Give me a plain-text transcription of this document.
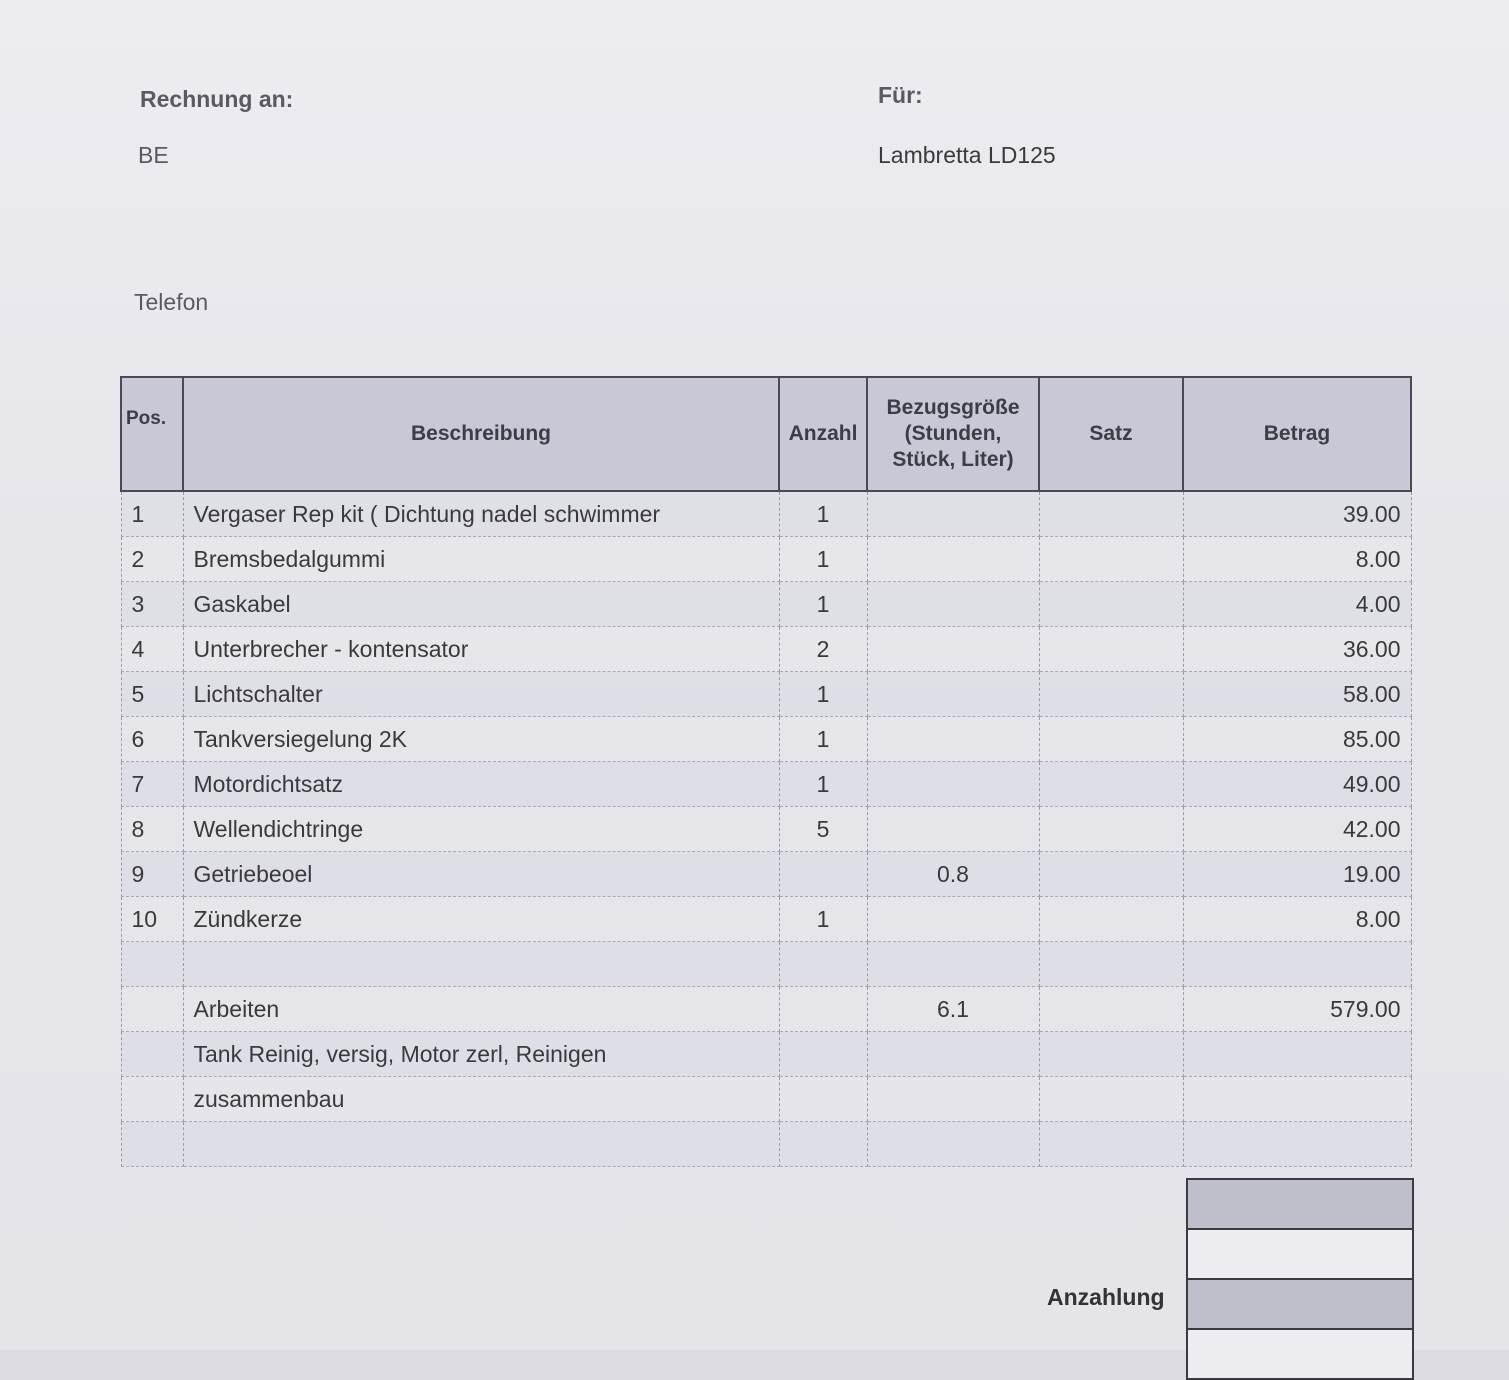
Rechnung an:
BE
Für:
Lambretta LD125
Telefon
Pos.	Beschreibung	Anzahl	Bezugsgröße (Stunden, Stück, Liter)	Satz	Betrag
1	Vergaser Rep kit ( Dichtung nadel schwimmer	1			39.00
2	Bremsbedalgummi	1			8.00
3	Gaskabel	1			4.00
4	Unterbrecher - kontensator	2			36.00
5	Lichtschalter	1			58.00
6	Tankversiegelung 2K	1			85.00
7	Motordichtsatz	1			49.00
8	Wellendichtringe	5			42.00
9	Getriebeoel		0.8		19.00
10	Zündkerze	1			8.00

	Arbeiten		6.1		579.00
	Tank Reinig, versig, Motor zerl, Reinigen				
	zusammenbau				

Anzahlung
